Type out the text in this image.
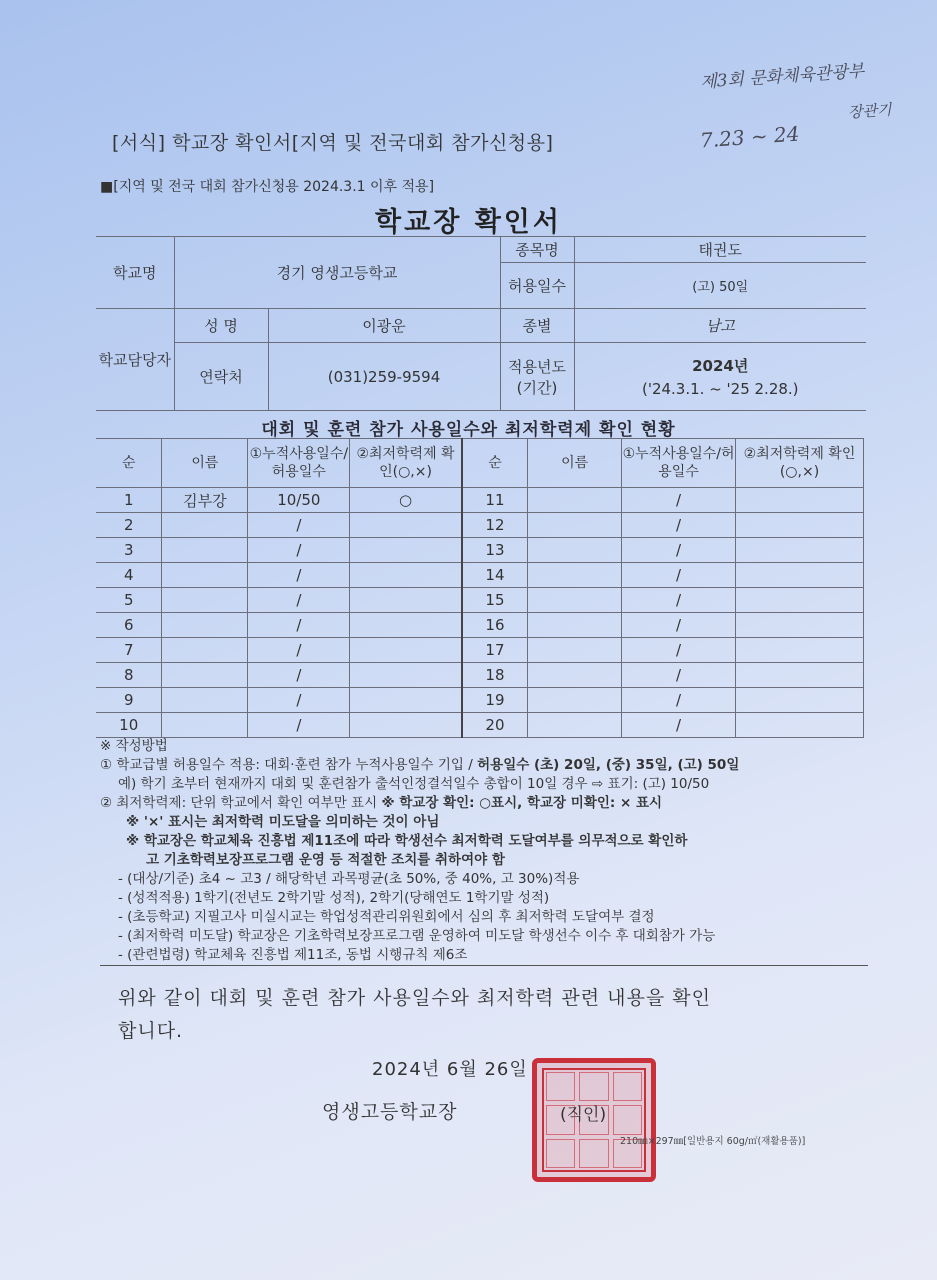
제3회 문화체육관광부
장관기
7.23 ~ 24
[서식] 학교장 확인서[지역 및 전국대회 참가신청용]
■[지역 및 전국 대회 참가신청용 2024.3.1 이후 적용]
학교장 확인서
학교명	경기 영생고등학교		종목명	태권도
			허용일수	(고) 50일
학교담당자	성 명	이광운	종별	남고
	연락처	(031)259-9594	적용년도(기간)	2024년
('24.3.1. ~ '25 2.28.)
대회 및 훈련 참가 사용일수와 최저학력제 확인 현황
순	이름	①누적사용일수/허용일수	②최저학력제 확인(○,×)	순	이름	①누적사용일수/허용일수	②최저학력제 확인(○,×)
1	김부강	10/50	○	11		/	
2		/		12		/	
3		/		13		/	
4		/		14		/	
5		/		15		/	
6		/		16		/	
7		/		17		/	
8		/		18		/	
9		/		19		/	
10		/		20		/	
※ 작성방법
① 학교급별 허용일수 적용: 대회·훈련 참가 누적사용일수 기입 / 허용일수 (초) 20일, (중) 35일, (고) 50일
예) 학기 초부터 현재까지 대회 및 훈련참가 출석인정결석일수 총합이 10일 경우 ⇨ 표기: (고) 10/50
② 최저학력제: 단위 학교에서 확인 여부만 표시 ※ 학교장 확인: ○표시, 학교장 미확인: × 표시
※ '×' 표시는 최저학력 미도달을 의미하는 것이 아님
※ 학교장은 학교체육 진흥법 제11조에 따라 학생선수 최저학력 도달여부를 의무적으로 확인하
고 기초학력보장프로그램 운영 등 적절한 조치를 취하여야 함
- (대상/기준) 초4 ~ 고3 / 해당학년 과목평균(초 50%, 중 40%, 고 30%)적용
- (성적적용) 1학기(전년도 2학기말 성적), 2학기(당해연도 1학기말 성적)
- (초등학교) 지필고사 미실시교는 학업성적관리위원회에서 심의 후 최저학력 도달여부 결정
- (최저학력 미도달) 학교장은 기초학력보장프로그램 운영하여 미도달 학생선수 이수 후 대회참가 가능
- (관련법령) 학교체육 진흥법 제11조, 동법 시행규칙 제6조
위와 같이 대회 및 훈련 참가 사용일수와 최저학력 관련 내용을 확인
합니다.
2024년 6월 26일
영생고등학교장	(직인)
210㎜×297㎜[일반용지 60g/㎡(재활용품)]
